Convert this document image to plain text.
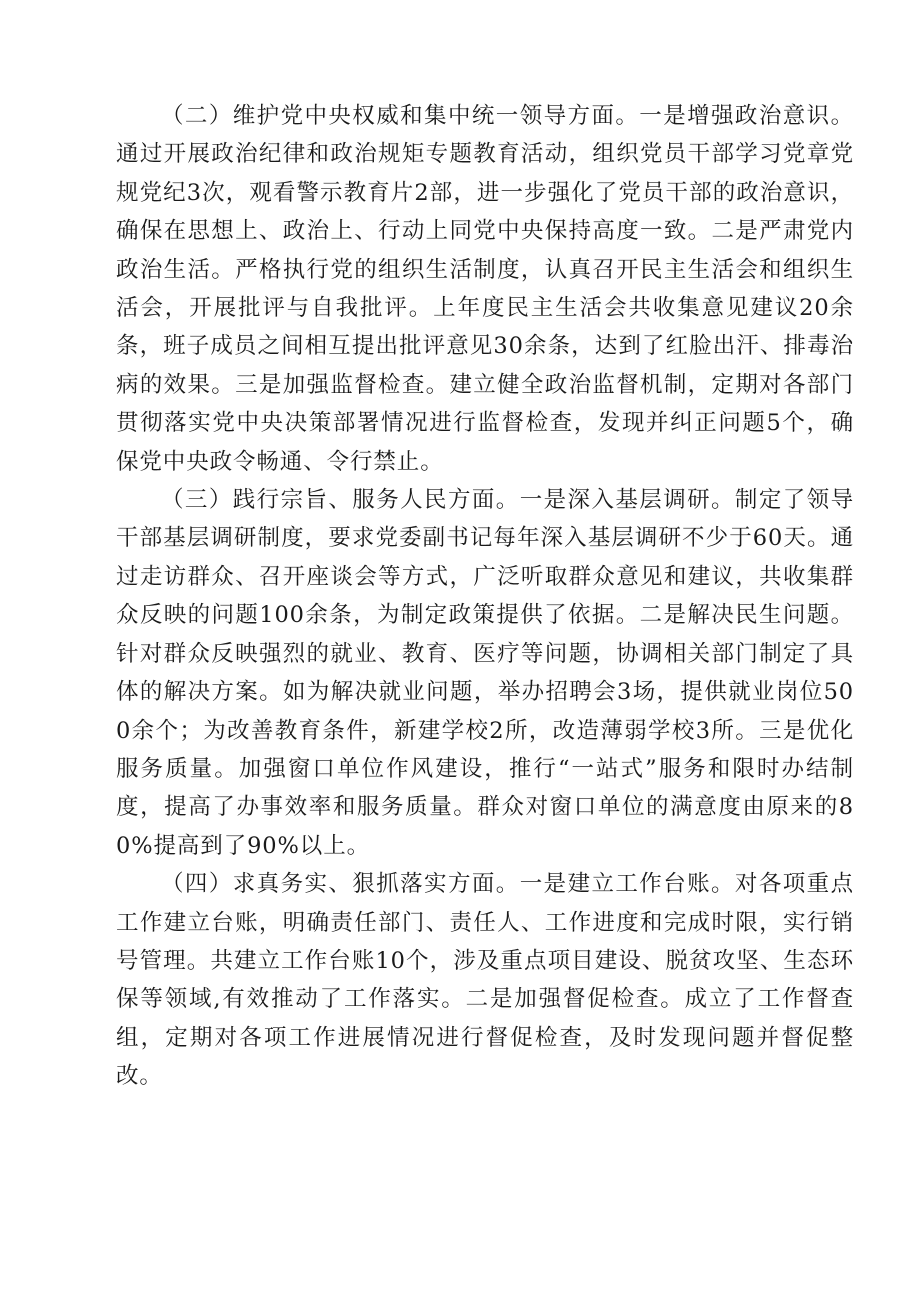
（二）维护党中央权威和集中统一领导方面。一是增强政治意识。通过开展政治纪律和政治规矩专题教育活动，组织党员干部学习党章党规党纪3次，观看警示教育片2部，进一步强化了党员干部的政治意识，确保在思想上、政治上、行动上同党中央保持高度一致。二是严肃党内政治生活。严格执行党的组织生活制度，认真召开民主生活会和组织生活会，开展批评与自我批评。上年度民主生活会共收集意见建议20余条，班子成员之间相互提出批评意见30余条，达到了红脸出汗、排毒治病的效果。三是加强监督检查。建立健全政治监督机制，定期对各部门贯彻落实党中央决策部署情况进行监督检查，发现并纠正问题5个，确保党中央政令畅通、令行禁止。

（三）践行宗旨、服务人民方面。一是深入基层调研。制定了领导干部基层调研制度，要求党委副书记每年深入基层调研不少于60天。通过走访群众、召开座谈会等方式，广泛听取群众意见和建议，共收集群众反映的问题100余条，为制定政策提供了依据。二是解决民生问题。针对群众反映强烈的就业、教育、医疗等问题，协调相关部门制定了具体的解决方案。如为解决就业问题，举办招聘会3场，提供就业岗位500余个；为改善教育条件，新建学校2所，改造薄弱学校3所。三是优化服务质量。加强窗口单位作风建设，推行“一站式”服务和限时办结制度，提高了办事效率和服务质量。群众对窗口单位的满意度由原来的80%提高到了90%以上。

（四）求真务实、狠抓落实方面。一是建立工作台账。对各项重点工作建立台账，明确责任部门、责任人、工作进度和完成时限，实行销号管理。共建立工作台账10个，涉及重点项目建设、脱贫攻坚、生态环保等领域,有效推动了工作落实。二是加强督促检查。成立了工作督查组，定期对各项工作进展情况进行督促检查，及时发现问题并督促整改。
